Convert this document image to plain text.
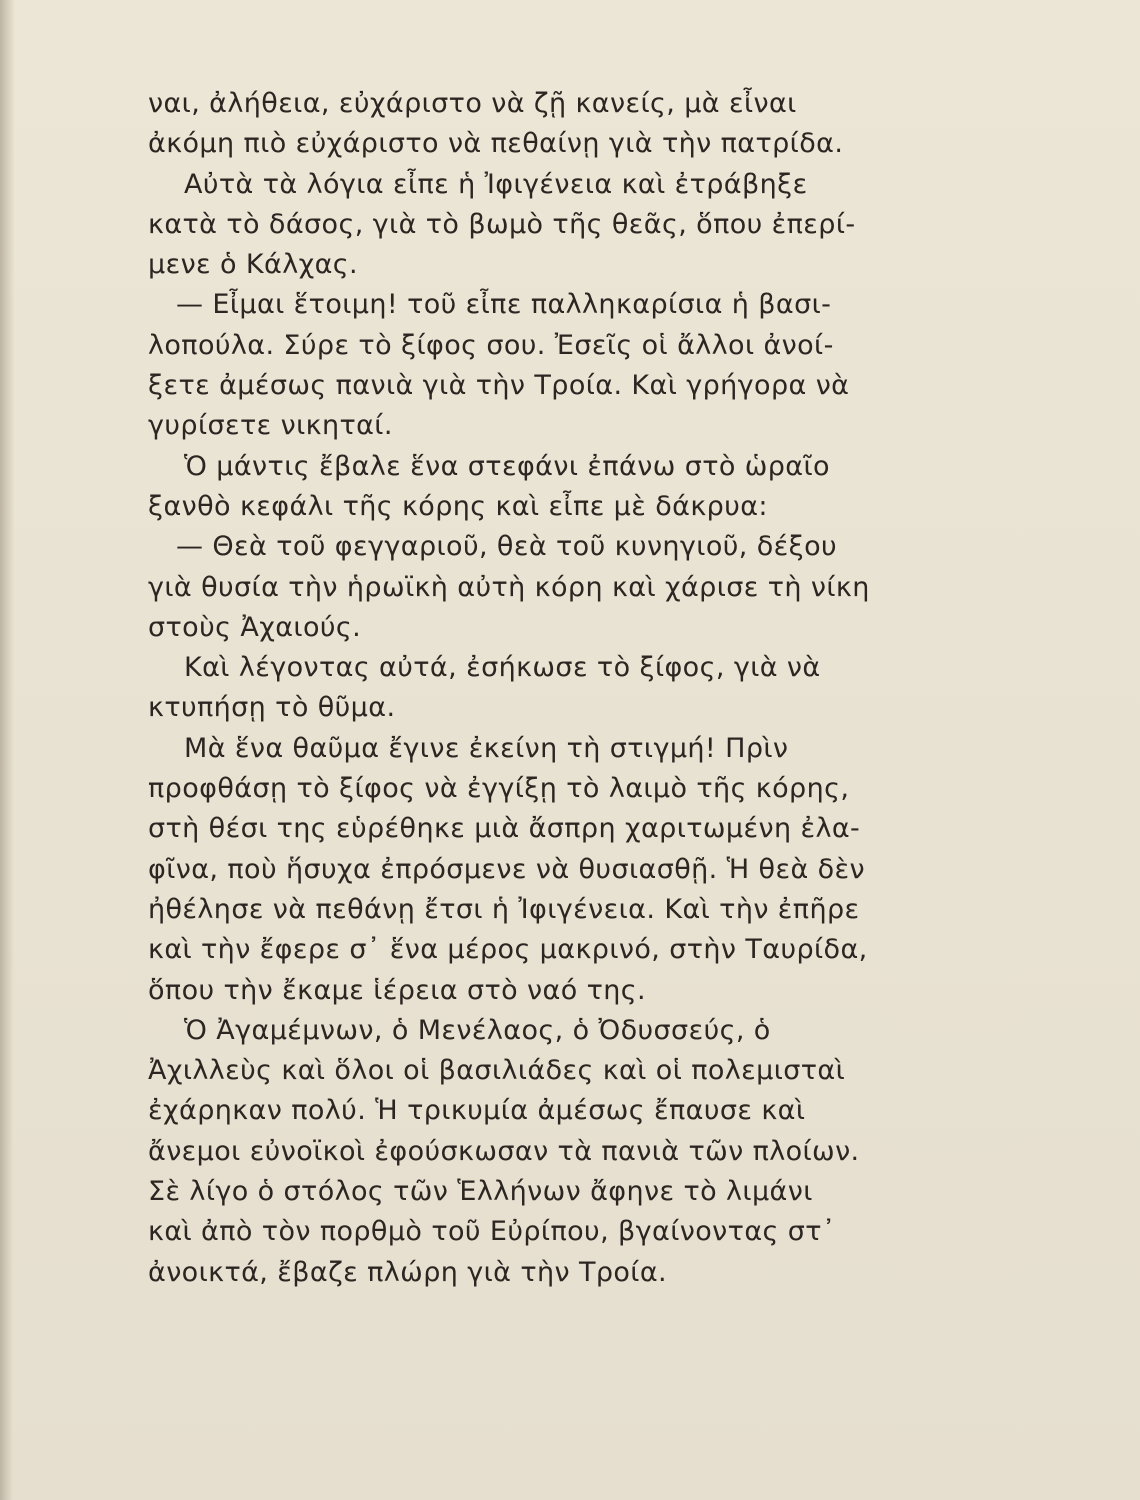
ναι, ἀλήθεια, εὐχάριστο νὰ ζῇ κανείς, μὰ εἶναι
ἀκόμη πιὸ εὐχάριστο νὰ πεθαίνῃ γιὰ τὴν πατρίδα.
Αὐτὰ τὰ λόγια εἶπε ἡ Ἰφιγένεια καὶ ἐτράβηξε
κατὰ τὸ δάσος, γιὰ τὸ βωμὸ τῆς θεᾶς, ὅπου ἐπερί-
μενε ὁ Κάλχας.
— Εἶμαι ἕτοιμη! τοῦ εἶπε παλληκαρίσια ἡ βασι-
λοπούλα. Σύρε τὸ ξίφος σου. Ἐσεῖς οἱ ἄλλοι ἀνοί-
ξετε ἀμέσως πανιὰ γιὰ τὴν Τροία. Καὶ γρήγορα νὰ
γυρίσετε νικηταί.
Ὁ μάντις ἔβαλε ἕνα στεφάνι ἐπάνω στὸ ὡραῖο
ξανθὸ κεφάλι τῆς κόρης καὶ εἶπε μὲ δάκρυα:
— Θεὰ τοῦ φεγγαριοῦ, θεὰ τοῦ κυνηγιοῦ, δέξου
γιὰ θυσία τὴν ἡρωϊκὴ αὐτὴ κόρη καὶ χάρισε τὴ νίκη
στοὺς Ἀχαιούς.
Καὶ λέγοντας αὐτά, ἐσήκωσε τὸ ξίφος, γιὰ νὰ
κτυπήσῃ τὸ θῦμα.
Μὰ ἕνα θαῦμα ἔγινε ἐκείνη τὴ στιγμή! Πρὶν
προφθάσῃ τὸ ξίφος νὰ ἐγγίξῃ τὸ λαιμὸ τῆς κόρης,
στὴ θέσι της εὑρέθηκε μιὰ ἄσπρη χαριτωμένη ἐλα-
φῖνα, ποὺ ἥσυχα ἐπρόσμενε νὰ θυσιασθῇ. Ἡ θεὰ δὲν
ἠθέλησε νὰ πεθάνῃ ἔτσι ἡ Ἰφιγένεια. Καὶ τὴν ἐπῆρε
καὶ τὴν ἔφερε σ᾿ ἕνα μέρος μακρινό, στὴν Ταυρίδα,
ὅπου τὴν ἔκαμε ἱέρεια στὸ ναό της.
Ὁ Ἀγαμέμνων, ὁ Μενέλαος, ὁ Ὀδυσσεύς, ὁ
Ἀχιλλεὺς καὶ ὅλοι οἱ βασιλιάδες καὶ οἱ πολεμισταὶ
ἐχάρηκαν πολύ. Ἡ τρικυμία ἀμέσως ἔπαυσε καὶ
ἄνεμοι εὐνοϊκοὶ ἐφούσκωσαν τὰ πανιὰ τῶν πλοίων.
Σὲ λίγο ὁ στόλος τῶν Ἑλλήνων ἄφηνε τὸ λιμάνι
καὶ ἀπὸ τὸν πορθμὸ τοῦ Εὐρίπου, βγαίνοντας στ᾿
ἀνοικτά, ἔβαζε πλώρη γιὰ τὴν Τροία.
